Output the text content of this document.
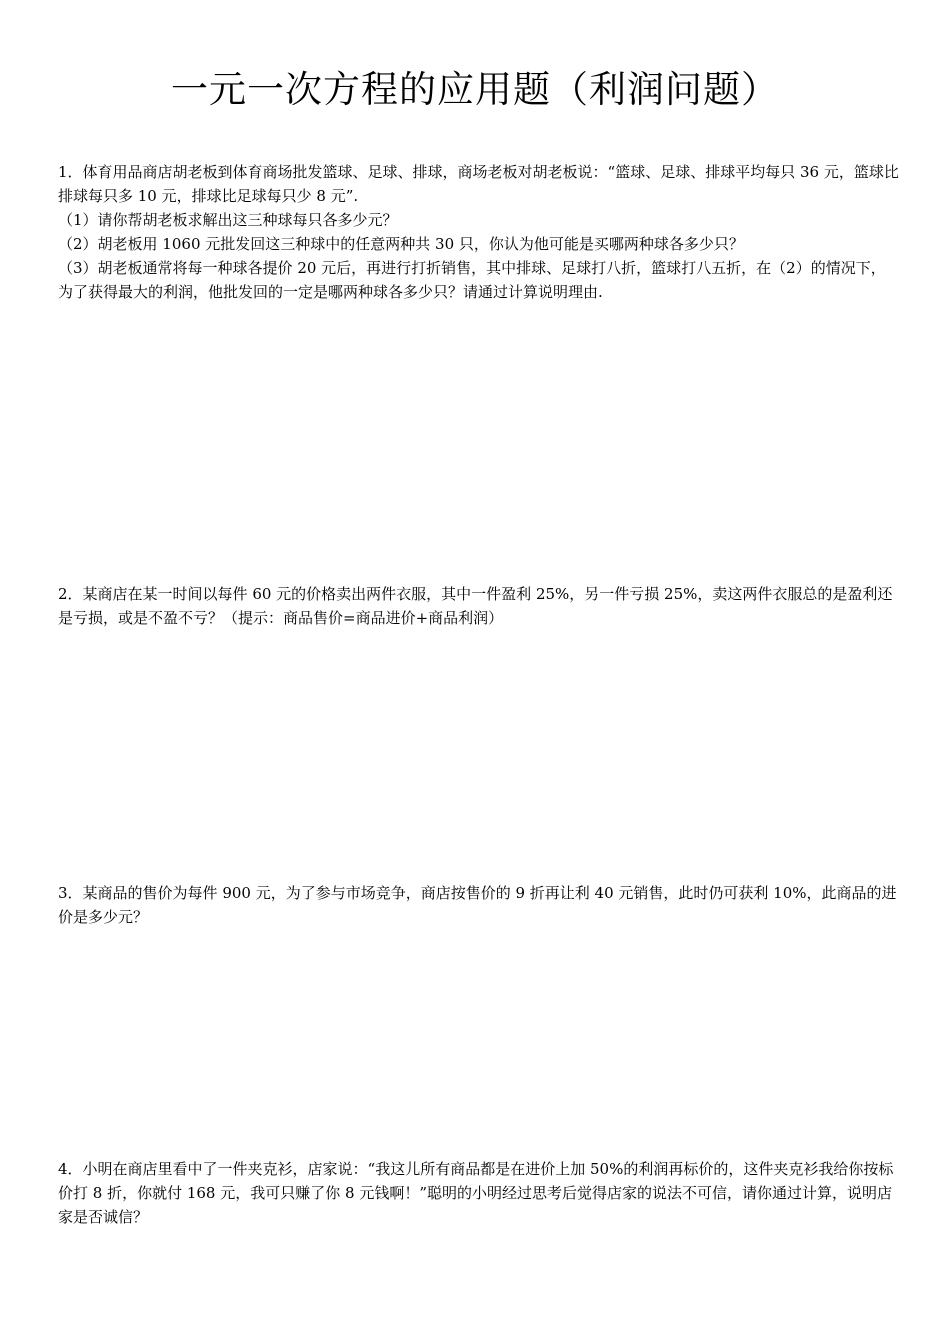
一元一次方程的应用题（利润问题）

1．体育用品商店胡老板到体育商场批发篮球、足球、排球，商场老板对胡老板说：“篮球、足球、排球平均每只 36 元，篮球比排球每只多 10 元，排球比足球每只少 8 元”.

（1）请你帮胡老板求解出这三种球每只各多少元？

（2）胡老板用 1060 元批发回这三种球中的任意两种共 30 只，你认为他可能是买哪两种球各多少只？

（3）胡老板通常将每一种球各提价 20 元后，再进行打折销售，其中排球、足球打八折，篮球打八五折，在（2）的情况下，为了获得最大的利润，他批发回的一定是哪两种球各多少只？请通过计算说明理由.

2．某商店在某一时间以每件 60 元的价格卖出两件衣服，其中一件盈利 25%，另一件亏损 25%，卖这两件衣服总的是盈利还是亏损，或是不盈不亏？（提示：商品售价=商品进价+商品利润）

3．某商品的售价为每件 900 元，为了参与市场竞争，商店按售价的 9 折再让利 40 元销售，此时仍可获利 10%，此商品的进价是多少元？

4．小明在商店里看中了一件夹克衫，店家说：“我这儿所有商品都是在进价上加 50%的利润再标价的，这件夹克衫我给你按标价打 8 折，你就付 168 元，我可只赚了你 8 元钱啊！”聪明的小明经过思考后觉得店家的说法不可信，请你通过计算，说明店家是否诚信？
